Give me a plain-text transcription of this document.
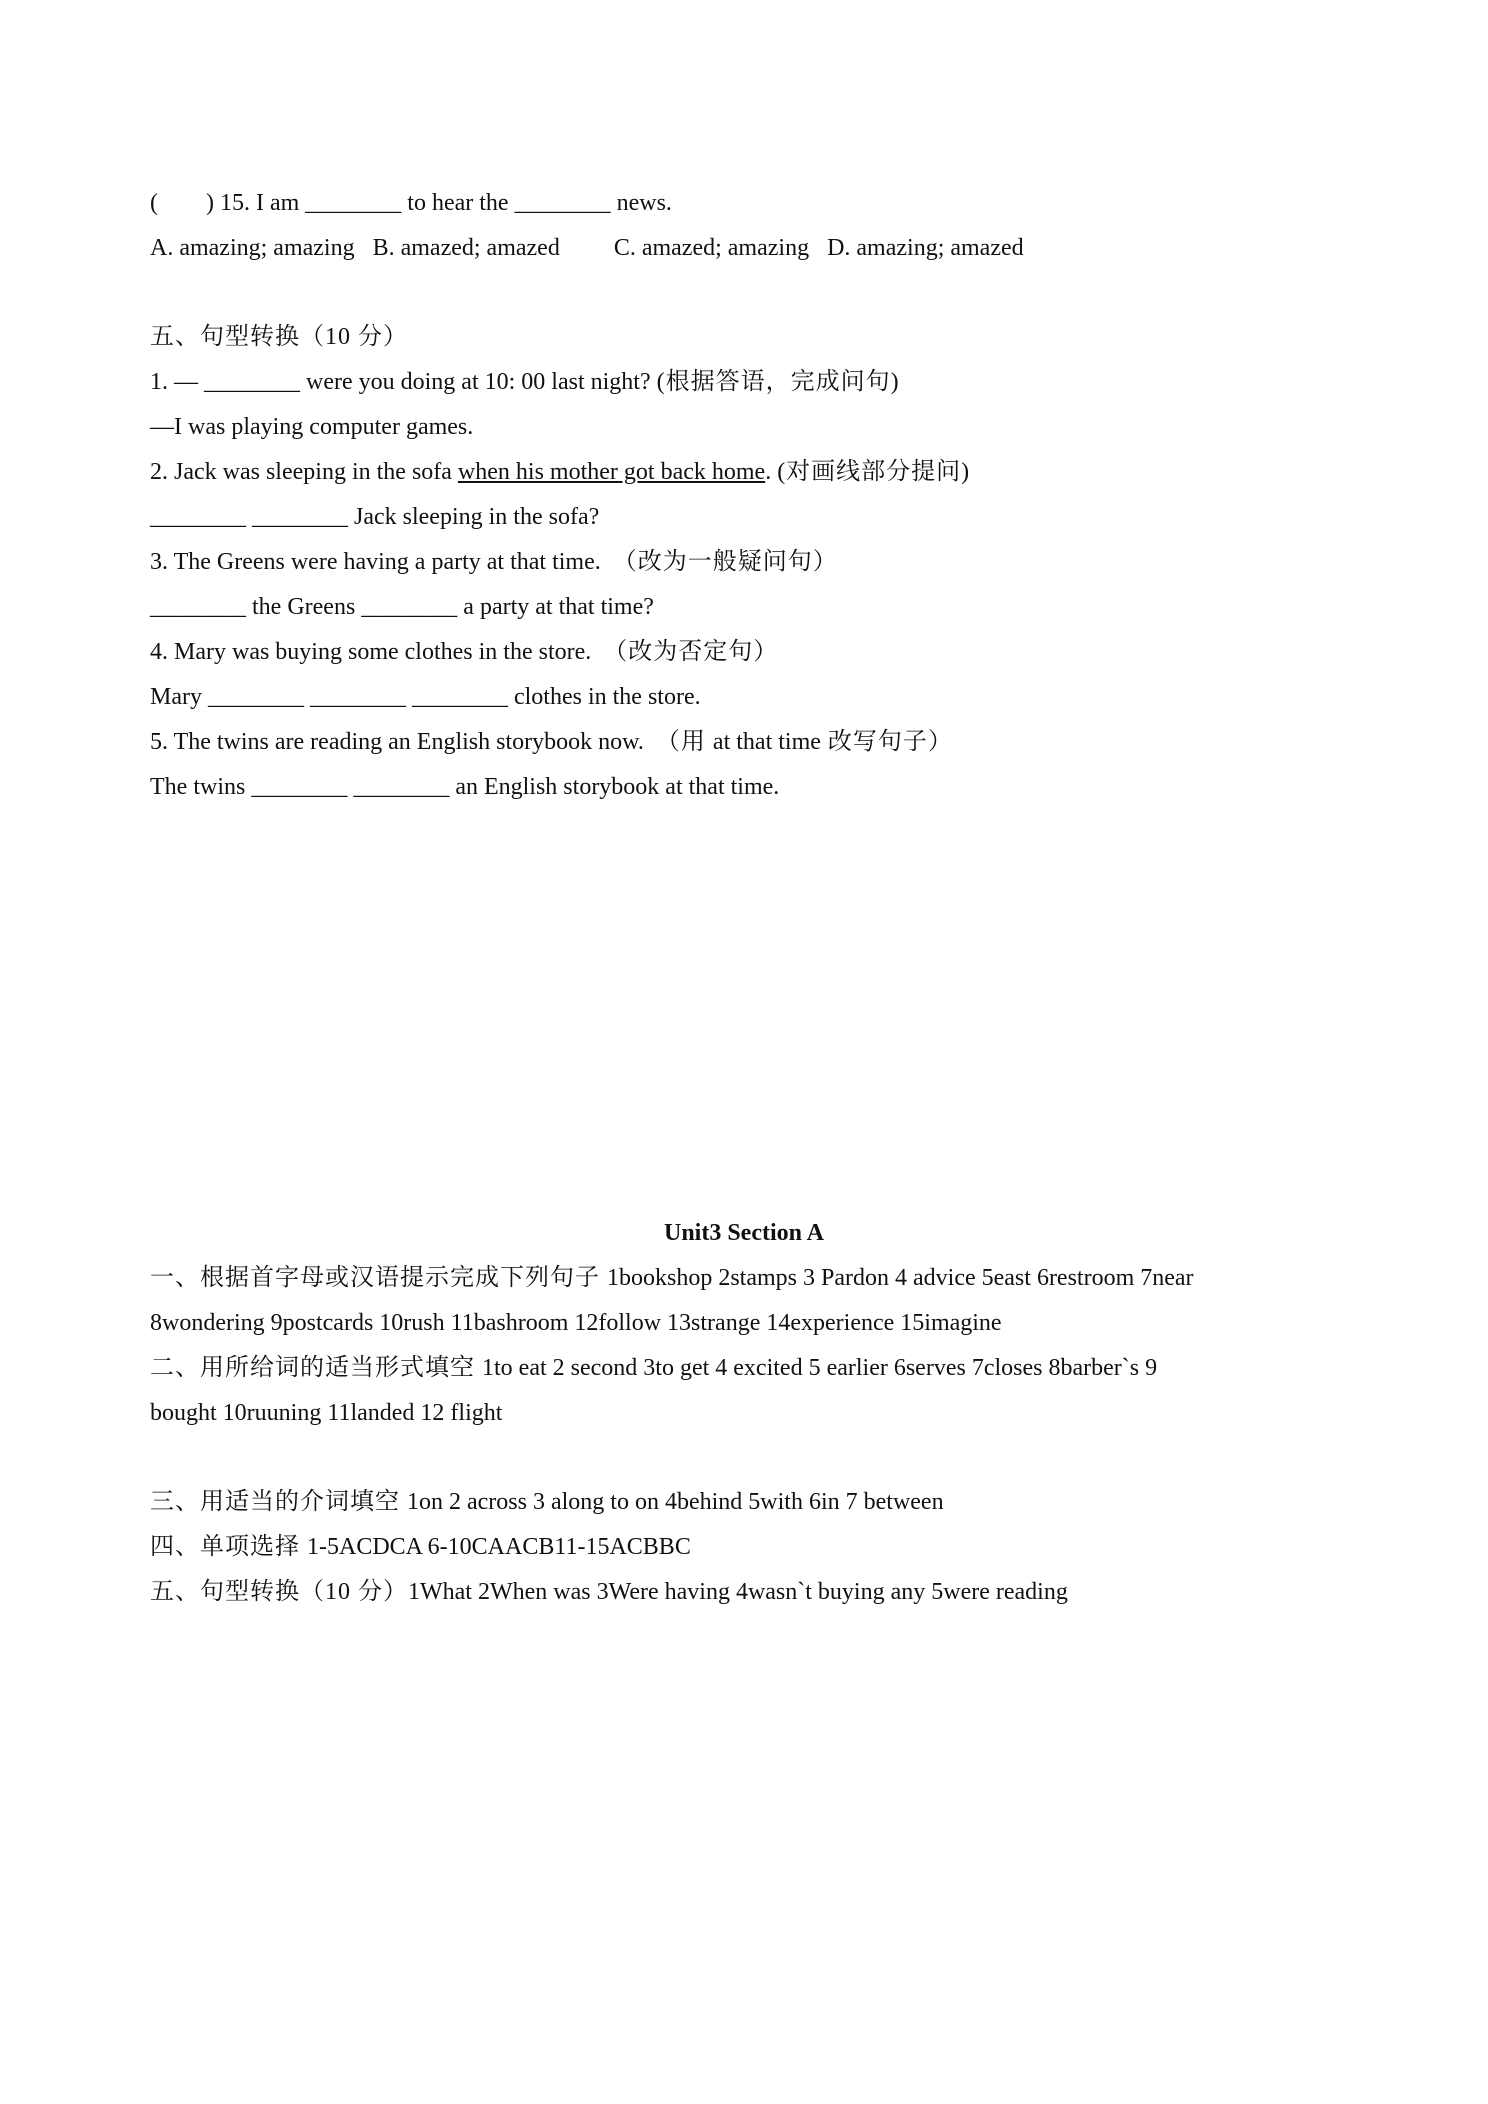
(        ) 15. I am ________ to hear the ________ news.
A. amazing; amazing   B. amazed; amazed         C. amazed; amazing   D. amazing; amazed
五、句型转换（10 分）
1. — ________ were you doing at 10: 00 last night? (根据答语，完成问句)
—I was playing computer games.
2. Jack was sleeping in the sofa when his mother got back home. (对画线部分提问)
________ ________ Jack sleeping in the sofa?
3. The Greens were having a party at that time.  （改为一般疑问句）
________ the Greens ________ a party at that time?
4. Mary was buying some clothes in the store.  （改为否定句）
Mary ________ ________ ________ clothes in the store.
5. The twins are reading an English storybook now.  （用 at that time 改写句子）
The twins ________ ________ an English storybook at that time.
Unit3 Section A
一、根据首字母或汉语提示完成下列句子 1bookshop 2stamps 3 Pardon 4 advice 5east 6restroom 7near
8wondering 9postcards 10rush 11bashroom 12follow 13strange 14experience 15imagine
二、用所给词的适当形式填空 1to eat 2 second 3to get 4 excited 5 earlier 6serves 7closes 8barber`s 9
bought 10ruuning 11landed 12 flight
三、用适当的介词填空 1on 2 across 3 along to on 4behind 5with 6in 7 between
四、单项选择 1-5ACDCA 6-10CAACB11-15ACBBC
五、句型转换（10 分）1What 2When was 3Were having 4wasn`t buying any 5were reading
